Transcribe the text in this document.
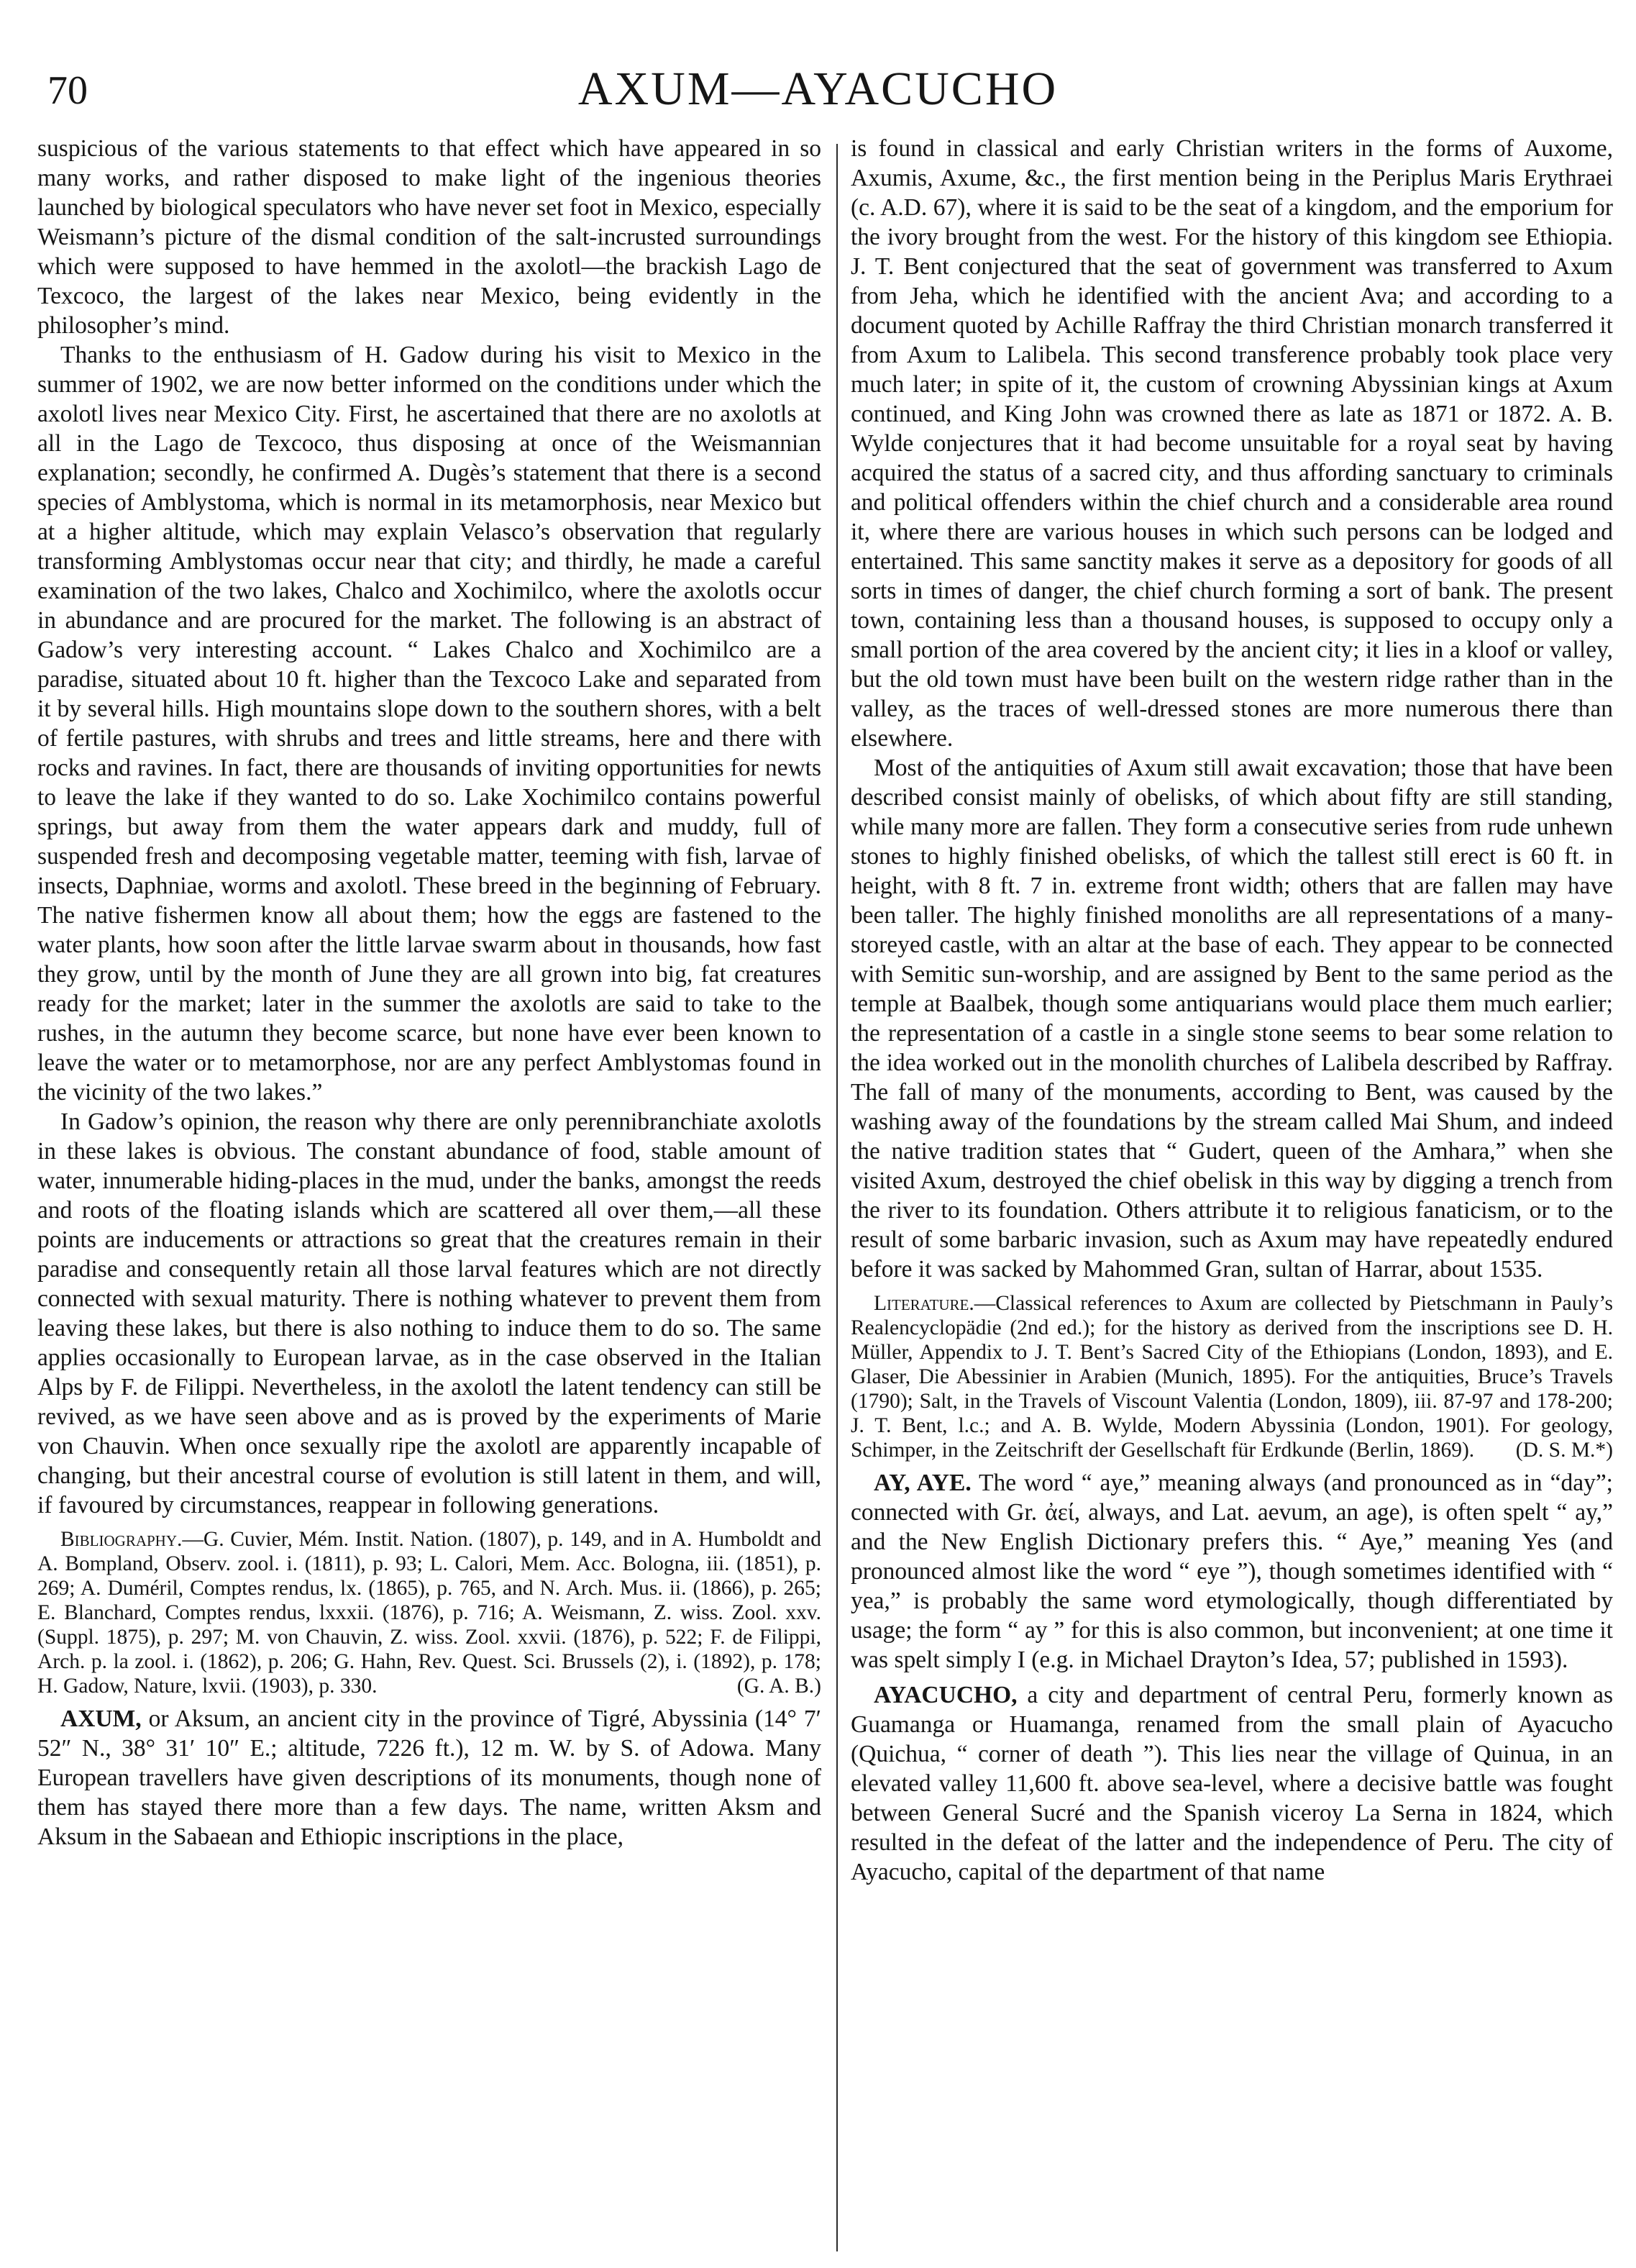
70	AXUM—AYACUCHO

suspicious of the various statements to that effect which have appeared in so many works, and rather disposed to make light of the ingenious theories launched by biological speculators who have never set foot in Mexico, especially Weismann’s picture of the dismal condition of the salt-incrusted surroundings which were supposed to have hemmed in the axolotl—the brackish Lago de Texcoco, the largest of the lakes near Mexico, being evidently in the philosopher’s mind.

Thanks to the enthusiasm of H. Gadow during his visit to Mexico in the summer of 1902, we are now better informed on the conditions under which the axolotl lives near Mexico City. First, he ascertained that there are no axolotls at all in the Lago de Texcoco, thus disposing at once of the Weismannian explanation; secondly, he confirmed A. Dugès’s statement that there is a second species of Amblystoma, which is normal in its metamorphosis, near Mexico but at a higher altitude, which may explain Velasco’s observation that regularly transforming Amblystomas occur near that city; and thirdly, he made a careful examination of the two lakes, Chalco and Xochimilco, where the axolotls occur in abundance and are procured for the market. The following is an abstract of Gadow’s very interesting account. “ Lakes Chalco and Xochimilco are a paradise, situated about 10 ft. higher than the Texcoco Lake and separated from it by several hills. High mountains slope down to the southern shores, with a belt of fertile pastures, with shrubs and trees and little streams, here and there with rocks and ravines. In fact, there are thousands of inviting opportunities for newts to leave the lake if they wanted to do so. Lake Xochimilco contains powerful springs, but away from them the water appears dark and muddy, full of suspended fresh and decomposing vegetable matter, teeming with fish, larvae of insects, Daphniae, worms and axolotl. These breed in the beginning of February. The native fishermen know all about them; how the eggs are fastened to the water plants, how soon after the little larvae swarm about in thousands, how fast they grow, until by the month of June they are all grown into big, fat creatures ready for the market; later in the summer the axolotls are said to take to the rushes, in the autumn they become scarce, but none have ever been known to leave the water or to metamorphose, nor are any perfect Amblystomas found in the vicinity of the two lakes.”

In Gadow’s opinion, the reason why there are only perennibranchiate axolotls in these lakes is obvious. The constant abundance of food, stable amount of water, innumerable hiding-places in the mud, under the banks, amongst the reeds and roots of the floating islands which are scattered all over them,—all these points are inducements or attractions so great that the creatures remain in their paradise and consequently retain all those larval features which are not directly connected with sexual maturity. There is nothing whatever to prevent them from leaving these lakes, but there is also nothing to induce them to do so. The same applies occasionally to European larvae, as in the case observed in the Italian Alps by F. de Filippi. Nevertheless, in the axolotl the latent tendency can still be revived, as we have seen above and as is proved by the experiments of Marie von Chauvin. When once sexually ripe the axolotl are apparently incapable of changing, but their ancestral course of evolution is still latent in them, and will, if favoured by circumstances, reappear in following generations.

Bibliography.—G. Cuvier, Mém. Instit. Nation. (1807), p. 149, and in A. Humboldt and A. Bompland, Observ. zool. i. (1811), p. 93; L. Calori, Mem. Acc. Bologna, iii. (1851), p. 269; A. Duméril, Comptes rendus, lx. (1865), p. 765, and N. Arch. Mus. ii. (1866), p. 265; E. Blanchard, Comptes rendus, lxxxii. (1876), p. 716; A. Weismann, Z. wiss. Zool. xxv. (Suppl. 1875), p. 297; M. von Chauvin, Z. wiss. Zool. xxvii. (1876), p. 522; F. de Filippi, Arch. p. la zool. i. (1862), p. 206; G. Hahn, Rev. Quest. Sci. Brussels (2), i. (1892), p. 178; H. Gadow, Nature, lxvii. (1903), p. 330.	(G. A. B.)

AXUM, or Aksum, an ancient city in the province of Tigré, Abyssinia (14° 7′ 52″ N., 38° 31′ 10″ E.; altitude, 7226 ft.), 12 m. W. by S. of Adowa. Many European travellers have given descriptions of its monuments, though none of them has stayed there more than a few days. The name, written Aksm and Aksum in the Sabaean and Ethiopic inscriptions in the place,

is found in classical and early Christian writers in the forms of Auxome, Axumis, Axume, &c., the first mention being in the Periplus Maris Erythraei (c. A.D. 67), where it is said to be the seat of a kingdom, and the emporium for the ivory brought from the west. For the history of this kingdom see Ethiopia. J. T. Bent conjectured that the seat of government was transferred to Axum from Jeha, which he identified with the ancient Ava; and according to a document quoted by Achille Raffray the third Christian monarch transferred it from Axum to Lalibela. This second transference probably took place very much later; in spite of it, the custom of crowning Abyssinian kings at Axum continued, and King John was crowned there as late as 1871 or 1872. A. B. Wylde conjectures that it had become unsuitable for a royal seat by having acquired the status of a sacred city, and thus affording sanctuary to criminals and political offenders within the chief church and a considerable area round it, where there are various houses in which such persons can be lodged and entertained. This same sanctity makes it serve as a depository for goods of all sorts in times of danger, the chief church forming a sort of bank. The present town, containing less than a thousand houses, is supposed to occupy only a small portion of the area covered by the ancient city; it lies in a kloof or valley, but the old town must have been built on the western ridge rather than in the valley, as the traces of well-dressed stones are more numerous there than elsewhere.

Most of the antiquities of Axum still await excavation; those that have been described consist mainly of obelisks, of which about fifty are still standing, while many more are fallen. They form a consecutive series from rude unhewn stones to highly finished obelisks, of which the tallest still erect is 60 ft. in height, with 8 ft. 7 in. extreme front width; others that are fallen may have been taller. The highly finished monoliths are all representations of a many-storeyed castle, with an altar at the base of each. They appear to be connected with Semitic sun-worship, and are assigned by Bent to the same period as the temple at Baalbek, though some antiquarians would place them much earlier; the representation of a castle in a single stone seems to bear some relation to the idea worked out in the monolith churches of Lalibela described by Raffray. The fall of many of the monuments, according to Bent, was caused by the washing away of the foundations by the stream called Mai Shum, and indeed the native tradition states that “ Gudert, queen of the Amhara,” when she visited Axum, destroyed the chief obelisk in this way by digging a trench from the river to its foundation. Others attribute it to religious fanaticism, or to the result of some barbaric invasion, such as Axum may have repeatedly endured before it was sacked by Mahommed Gran, sultan of Harrar, about 1535.

Literature.—Classical references to Axum are collected by Pietschmann in Pauly’s Realencyclopädie (2nd ed.); for the history as derived from the inscriptions see D. H. Müller, Appendix to J. T. Bent’s Sacred City of the Ethiopians (London, 1893), and E. Glaser, Die Abessinier in Arabien (Munich, 1895). For the antiquities, Bruce’s Travels (1790); Salt, in the Travels of Viscount Valentia (London, 1809), iii. 87-97 and 178-200; J. T. Bent, l.c.; and A. B. Wylde, Modern Abyssinia (London, 1901). For geology, Schimper, in the Zeitschrift der Gesellschaft für Erdkunde (Berlin, 1869).	(D. S. M.*)

AY, AYE. The word “ aye,” meaning always (and pronounced as in “day”; connected with Gr. ἀεί, always, and Lat. aevum, an age), is often spelt “ ay,” and the New English Dictionary prefers this. “ Aye,” meaning Yes (and pronounced almost like the word “ eye ”), though sometimes identified with “ yea,” is probably the same word etymologically, though differentiated by usage; the form “ ay ” for this is also common, but inconvenient; at one time it was spelt simply I (e.g. in Michael Drayton’s Idea, 57; published in 1593).

AYACUCHO, a city and department of central Peru, formerly known as Guamanga or Huamanga, renamed from the small plain of Ayacucho (Quichua, “ corner of death ”). This lies near the village of Quinua, in an elevated valley 11,600 ft. above sea-level, where a decisive battle was fought between General Sucré and the Spanish viceroy La Serna in 1824, which resulted in the defeat of the latter and the independence of Peru. The city of Ayacucho, capital of the department of that name
